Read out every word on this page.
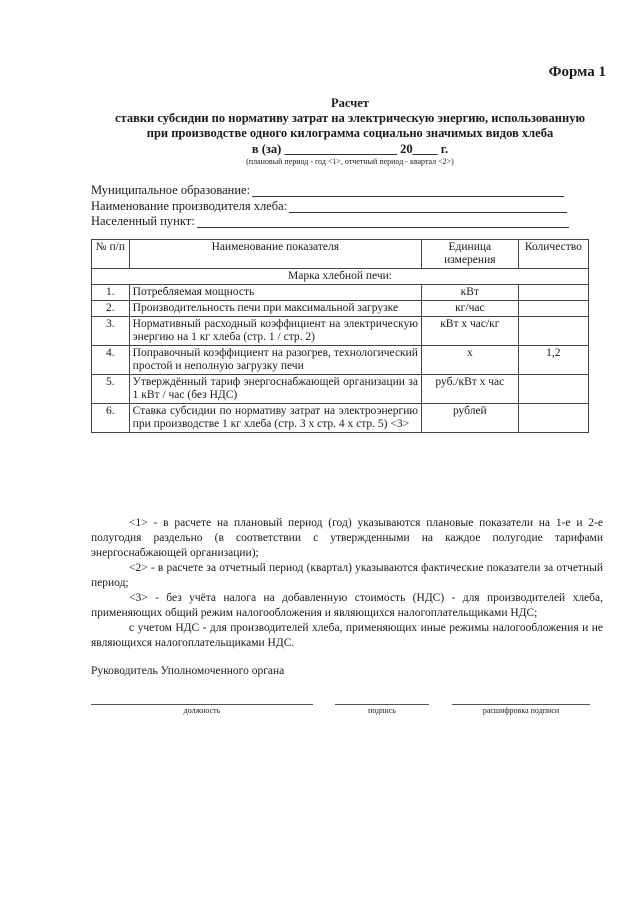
Форма 1
Расчет
ставки субсидии по нормативу затрат на электрическую энергию, использованную
при производстве одного килограмма социально значимых видов хлеба
в (за) __________________ 20____ г.
(плановый период - год <1>, отчетный период - квартал <2>)
Муниципальное образование:
Наименование производителя хлеба:
Населенный пункт:
№ п/п	Наименование показателя	Единица измерения	Количество
Марка хлебной печи:			
1.	Потребляемая мощность	кВт	
2.	Производительность печи при максимальной загрузке	кг/час	
3.	Нормативный расходный коэффициент на электрическую энергию на 1 кг хлеба (стр. 1 / стр. 2)	кВт x час/кг	
4.	Поправочный коэффициент на разогрев, технологический простой и неполную загрузку печи	x	1,2
5.	Утверждённый тариф энергоснабжающей организации за 1 кВт / час (без НДС)	руб./кВт x час	
6.	Ставка субсидии по нормативу затрат на электроэнергию при производстве 1 кг хлеба (стр. 3 x стр. 4 x стр. 5) <3>	рублей	

<1> - в расчете на плановый период (год) указываются плановые показатели на 1-е и 2-е полугодия раздельно (в соответствии с утвержденными на каждое полугодие тарифами энергоснабжающей организации);

<2> - в расчете за отчетный период (квартал) указываются фактические показатели за отчетный период;

<3> - без учёта налога на добавленную стоимость (НДС) - для производителей хлеба, применяющих общий режим налогообложения и являющихся налогоплательщиками НДС;

с учетом НДС - для производителей хлеба, применяющих иные режимы налогообложения и не являющихся налогоплательщиками НДС.

Руководитель Уполномоченного органа
должность	подпись	расшифровка подписи
